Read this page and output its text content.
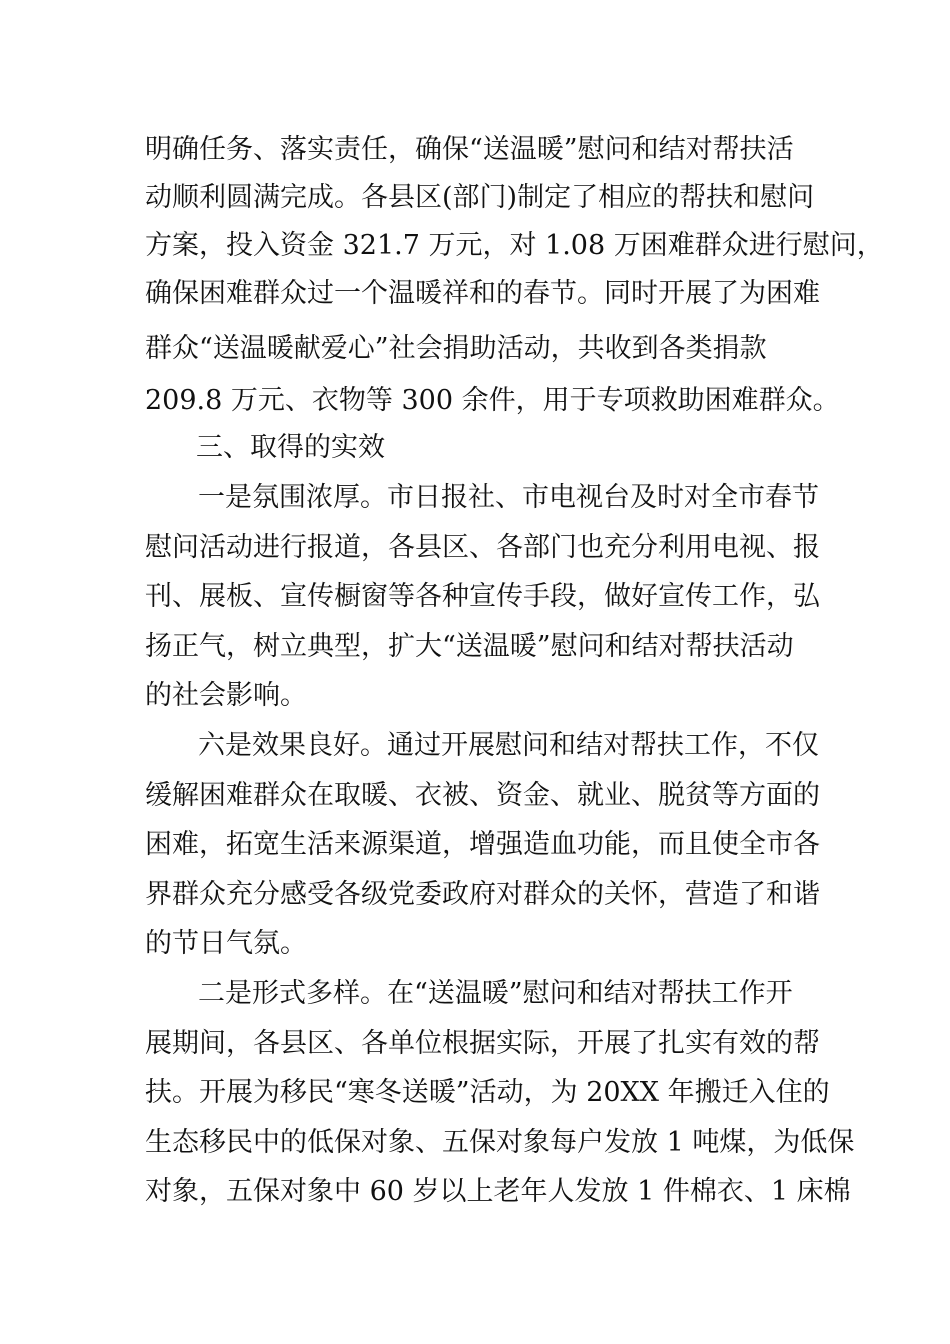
明确任务、落实责任，确保“送温暖”慰问和结对帮扶活
动顺利圆满完成。各县区(部门)制定了相应的帮扶和慰问
方案，投入资金 321.7 万元，对 1.08 万困难群众进行慰问，
确保困难群众过一个温暖祥和的春节。同时开展了为困难
群众“送温暖献爱心”社会捐助活动，共收到各类捐款
209.8 万元、衣物等 300 余件，用于专项救助困难群众。
三、取得的实效
一是氛围浓厚。市日报社、市电视台及时对全市春节
慰问活动进行报道，各县区、各部门也充分利用电视、报
刊、展板、宣传橱窗等各种宣传手段，做好宣传工作，弘
扬正气，树立典型，扩大“送温暖”慰问和结对帮扶活动
的社会影响。
六是效果良好。通过开展慰问和结对帮扶工作，不仅
缓解困难群众在取暖、衣被、资金、就业、脱贫等方面的
困难，拓宽生活来源渠道，增强造血功能，而且使全市各
界群众充分感受各级党委政府对群众的关怀，营造了和谐
的节日气氛。
二是形式多样。在“送温暖”慰问和结对帮扶工作开
展期间，各县区、各单位根据实际，开展了扎实有效的帮
扶。开展为移民“寒冬送暖”活动，为 20XX 年搬迁入住的
生态移民中的低保对象、五保对象每户发放 1 吨煤，为低保
对象，五保对象中 60 岁以上老年人发放 1 件棉衣、1 床棉
